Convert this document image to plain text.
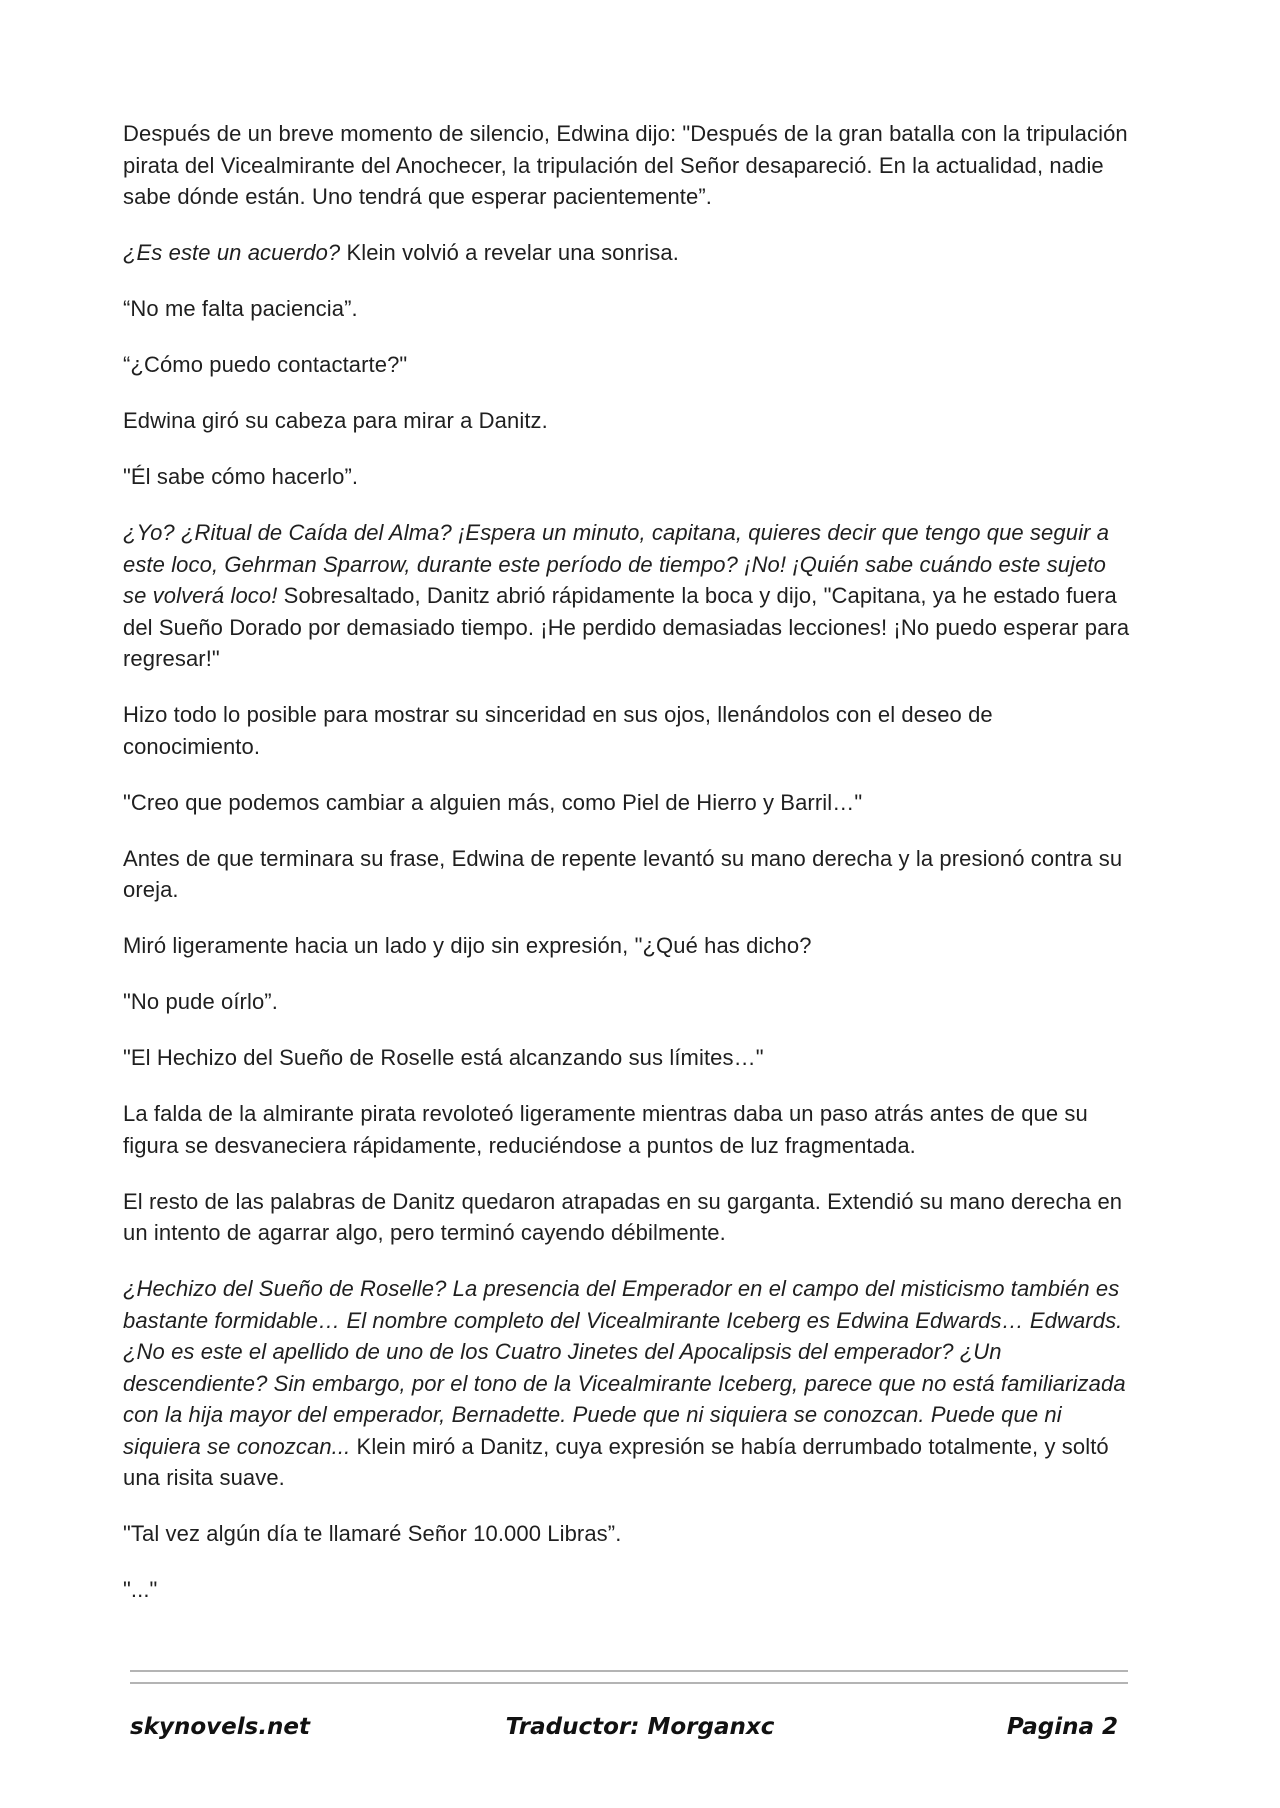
Después de un breve momento de silencio, Edwina dijo: "Después de la gran batalla con la tripulación pirata del Vicealmirante del Anochecer, la tripulación del Señor desapareció. En la actualidad, nadie sabe dónde están. Uno tendrá que esperar pacientemente”.

¿Es este un acuerdo? Klein volvió a revelar una sonrisa.

“No me falta paciencia”.

“¿Cómo puedo contactarte?"

Edwina giró su cabeza para mirar a Danitz.

"Él sabe cómo hacerlo”.

¿Yo? ¿Ritual de Caída del Alma? ¡Espera un minuto, capitana, quieres decir que tengo que seguir a este loco, Gehrman Sparrow, durante este período de tiempo? ¡No! ¡Quién sabe cuándo este sujeto se volverá loco! Sobresaltado, Danitz abrió rápidamente la boca y dijo, "Capitana, ya he estado fuera del Sueño Dorado por demasiado tiempo. ¡He perdido demasiadas lecciones! ¡No puedo esperar para regresar!"

Hizo todo lo posible para mostrar su sinceridad en sus ojos, llenándolos con el deseo de conocimiento.

"Creo que podemos cambiar a alguien más, como Piel de Hierro y Barril…"

Antes de que terminara su frase, Edwina de repente levantó su mano derecha y la presionó contra su oreja.

Miró ligeramente hacia un lado y dijo sin expresión, "¿Qué has dicho?

"No pude oírlo”.

"El Hechizo del Sueño de Roselle está alcanzando sus límites…"

La falda de la almirante pirata revoloteó ligeramente mientras daba un paso atrás antes de que su figura se desvaneciera rápidamente, reduciéndose a puntos de luz fragmentada.

El resto de las palabras de Danitz quedaron atrapadas en su garganta. Extendió su mano derecha en un intento de agarrar algo, pero terminó cayendo débilmente.

¿Hechizo del Sueño de Roselle? La presencia del Emperador en el campo del misticismo también es bastante formidable… El nombre completo del Vicealmirante Iceberg es Edwina Edwards… Edwards. ¿No es este el apellido de uno de los Cuatro Jinetes del Apocalipsis del emperador? ¿Un descendiente? Sin embargo, por el tono de la Vicealmirante Iceberg, parece que no está familiarizada con la hija mayor del emperador, Bernadette. Puede que ni siquiera se conozcan. Puede que ni siquiera se conozcan... Klein miró a Danitz, cuya expresión se había derrumbado totalmente, y soltó una risita suave.

"Tal vez algún día te llamaré Señor 10.000 Libras”.

"..."

skynovels.net	Traductor: Morganxc	Pagina 2
